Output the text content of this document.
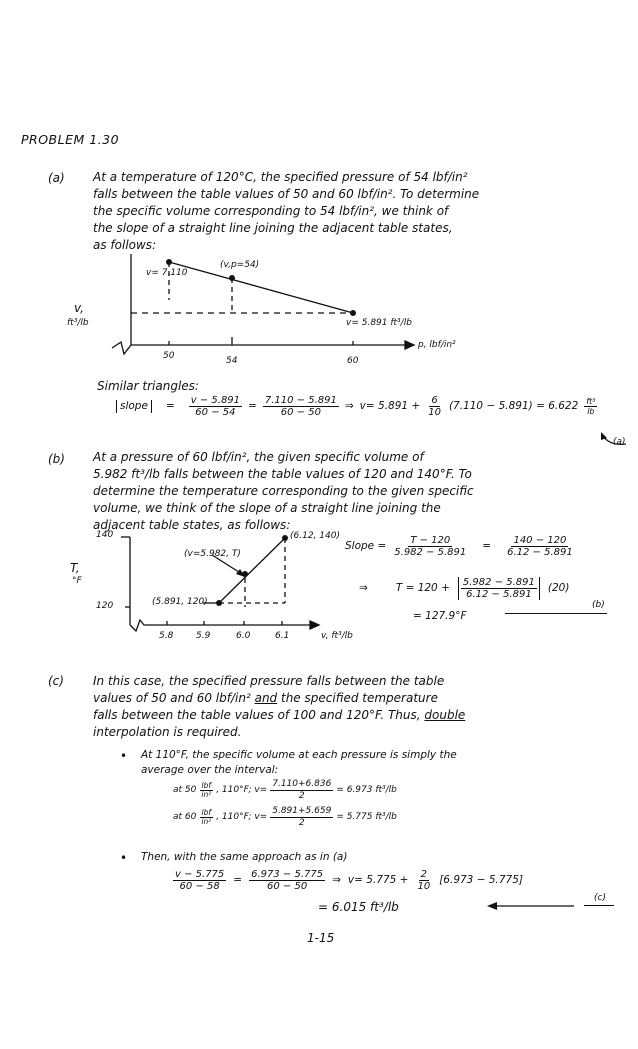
PROBLEM 1.30
(a) At a temperature of 120°C, the specified pressure of 54 lbf/in²
falls between the table values of 50 and 60 lbf/in². To determine
the specific volume corresponding to 54 lbf/in², we think of
the slope of a straight line joining the adjacent table states,
as follows:
v= 7.110
(v,p=54)
v= 5.891 ft³/lb
v,
ft³/lb
50	54	60
p, lbf/in²
Similar triangles:
slope	= $\frac{v - 5.891}{60 - 54} = \frac{7.110 - 5.891}{60 - 50}$ ⇒ $v= 5.891 + \frac{6}{10} (7.110 - 5.891) = 6.622 \frac{\text{ft³}}{lb}$
(a)
(b) At a pressure of 60 lbf/in², the given specific volume of
5.982 ft³/lb falls between the table values of 120 and 140°F. To
determine the temperature corresponding to the given specific
volume, we think of the slope of a straight line joining the
adjacent table states, as follows:
140
120
T,
°F
(v=5.982, T)
(6.12, 140)
(5.891, 120)
5.8	5.9	6.0	6.1	v, ft³/lb
Slope = $\frac{T - 120}{5.982 - 5.891} = \frac{140 - 120}{6.12 - 5.891}$
⇒	$T = 120 + \frac{5.982 - 5.891}{6.12 - 5.891} (20)$
= 127.9°F
(b)
(c) In this case, the specified pressure falls between the table
values of 50 and 60 lbf/in² and the specified temperature
falls between the table values of 100 and 120°F. Thus, double
interpolation is required.
• At 110°F, the specific volume at each pressure is simply the
average over the interval:
at $50 \frac{\text{lbf}}{\text{in²}}$ , 110°F; $v= \frac{7.110+6.836}{2} = 6.973$ ft³/lb
at $60 \frac{\text{lbf}}{\text{in²}}$ , 110°F; $v= \frac{5.891+5.659}{2} = 5.775$ ft³/lb
• Then, with the same approach as in (a)
$\frac{v - 5.775}{60 - 58} = \frac{6.973 - 5.775}{60 - 50}$ ⇒ $v= 5.775 + \frac{2}{10} [6.973 - 5.775]$
= 6.015 ft³/lb
(c)
1-15
